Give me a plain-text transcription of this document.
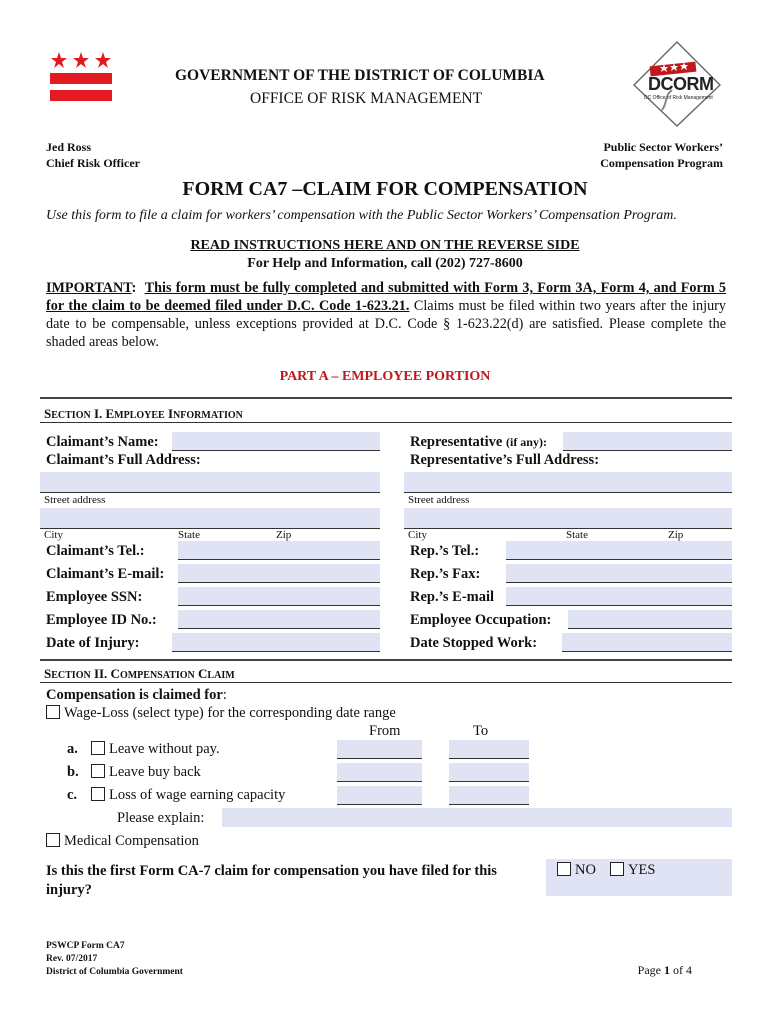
GOVERNMENT OF THE DISTRICT OF COLUMBIA
OFFICE OF RISK MANAGEMENT
DCORM
DC Office of Risk Management
Jed Ross
Chief Risk Officer
Public Sector Workers’
Compensation Program
FORM CA7 –CLAIM FOR COMPENSATION
Use this form to file a claim for workers’ compensation with the Public Sector Workers’ Compensation Program.
READ INSTRUCTIONS HERE AND ON THE REVERSE SIDE
For Help and Information, call (202) 727-8600
IMPORTANT:  This form must be fully completed and submitted with Form 3, Form 3A, Form 4, and Form 5 for the claim to be deemed filed under D.C. Code 1-623.21. Claims must be filed within two years after the injury date to be compensable, unless exceptions provided at D.C. Code § 1-623.22(d) are satisfied. Please complete the shaded areas below.
PART A – EMPLOYEE PORTION
SECTION I. EMPLOYEE INFORMATION
Claimant’s Name:
Claimant’s Full Address:
Street address
City	State	Zip
Claimant’s Tel.:
Claimant’s E-mail:
Employee SSN:
Employee ID No.:
Date of Injury:
Representative (if any):
Representative’s Full Address:
Street address
City	State	Zip
Rep.’s Tel.:
Rep.’s Fax:
Rep.’s E-mail
Employee Occupation:
Date Stopped Work:
SECTION II. COMPENSATION CLAIM
Compensation is claimed for:
Wage-Loss (select type) for the corresponding date range
From	To
a.	Leave without pay.
b.	Leave buy back
c.	Loss of wage earning capacity
Please explain:
Medical Compensation
Is this the first Form CA-7 claim for compensation you have filed for this injury?
NO	YES
PSWCP Form CA7
Rev. 07/2017
District of Columbia Government	Page 1 of 4
